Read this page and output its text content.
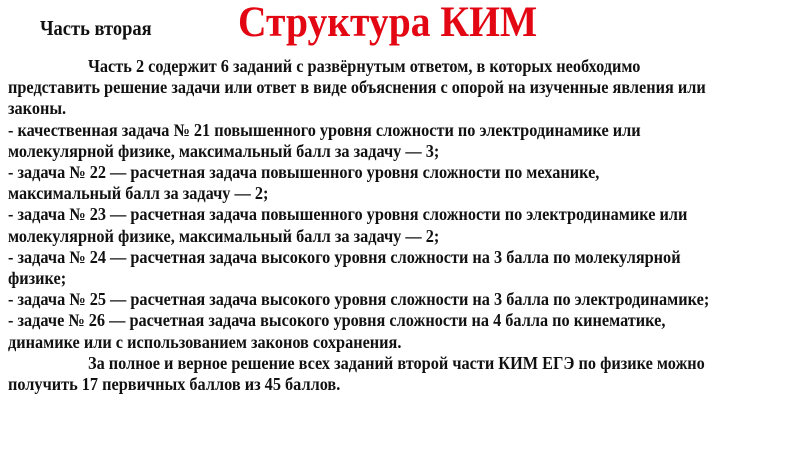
Часть вторая Структура КИМ
Часть 2 содержит 6 заданий с развёрнутым ответом, в которых необходимо
представить решение задачи или ответ в виде объяснения с опорой на изученные явления или
законы.
- качественная задача № 21 повышенного уровня сложности по электродинамике или
молекулярной физике, максимальный балл за задачу — 3;
- задача № 22 — расчетная задача повышенного уровня сложности по механике,
максимальный балл за задачу — 2;
- задача № 23 — расчетная задача повышенного уровня сложности по электродинамике или
молекулярной физике, максимальный балл за задачу — 2;
- задача № 24 — расчетная задача высокого уровня сложности на 3 балла по молекулярной
физике;
- задача № 25 — расчетная задача высокого уровня сложности на 3 балла по электродинамике;
- задаче № 26 — расчетная задача высокого уровня сложности на 4 балла по кинематике,
динамике или с использованием законов сохранения.
За полное и верное решение всех заданий второй части КИМ ЕГЭ по физике можно
получить 17 первичных баллов из 45 баллов.
